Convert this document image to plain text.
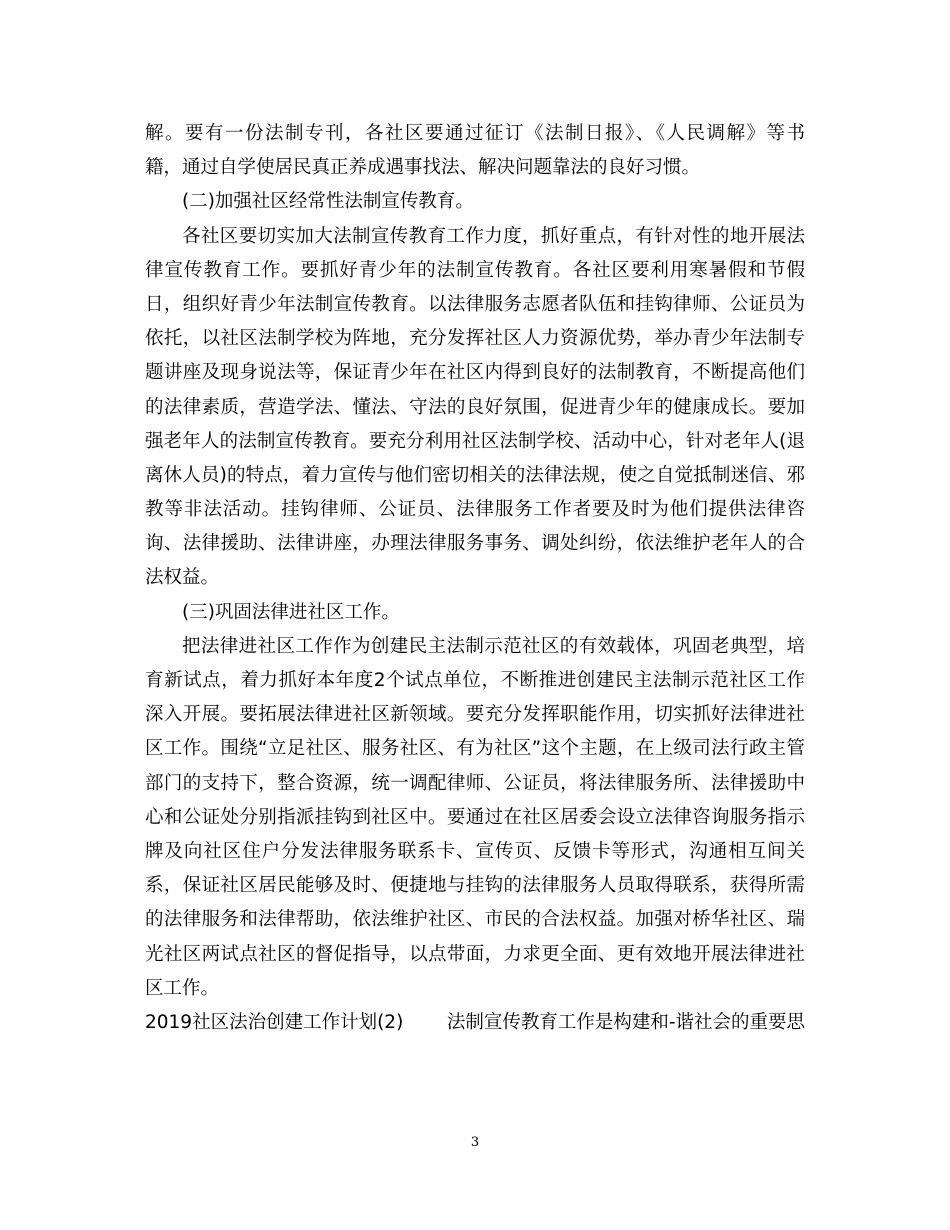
解。要有一份法制专刊，各社区要通过征订《法制日报》、《人民调解》等书
籍，通过自学使居民真正养成遇事找法、解决问题靠法的良好习惯。
(二)加强社区经常性法制宣传教育。
各社区要切实加大法制宣传教育工作力度，抓好重点，有针对性的地开展法
律宣传教育工作。要抓好青少年的法制宣传教育。各社区要利用寒暑假和节假
日，组织好青少年法制宣传教育。以法律服务志愿者队伍和挂钩律师、公证员为
依托，以社区法制学校为阵地，充分发挥社区人力资源优势，举办青少年法制专
题讲座及现身说法等，保证青少年在社区内得到良好的法制教育，不断提高他们
的法律素质，营造学法、懂法、守法的良好氛围，促进青少年的健康成长。要加
强老年人的法制宣传教育。要充分利用社区法制学校、活动中心，针对老年人(退
离休人员)的特点，着力宣传与他们密切相关的法律法规，使之自觉抵制迷信、邪
教等非法活动。挂钩律师、公证员、法律服务工作者要及时为他们提供法律咨
询、法律援助、法律讲座，办理法律服务事务、调处纠纷，依法维护老年人的合
法权益。
(三)巩固法律进社区工作。
把法律进社区工作作为创建民主法制示范社区的有效载体，巩固老典型，培
育新试点，着力抓好本年度2个试点单位，不断推进创建民主法制示范社区工作
深入开展。要拓展法律进社区新领域。要充分发挥职能作用，切实抓好法律进社
区工作。围绕“立足社区、服务社区、有为社区”这个主题，在上级司法行政主管
部门的支持下，整合资源，统一调配律师、公证员，将法律服务所、法律援助中
心和公证处分别指派挂钩到社区中。要通过在社区居委会设立法律咨询服务指示
牌及向社区住户分发法律服务联系卡、宣传页、反馈卡等形式，沟通相互间关
系，保证社区居民能够及时、便捷地与挂钩的法律服务人员取得联系，获得所需
的法律服务和法律帮助，依法维护社区、市民的合法权益。加强对桥华社区、瑞
光社区两试点社区的督促指导，以点带面，力求更全面、更有效地开展法律进社
区工作。
2019社区法治创建工作计划(2) 法制宣传教育工作是构建和-谐社会的重要思
3
